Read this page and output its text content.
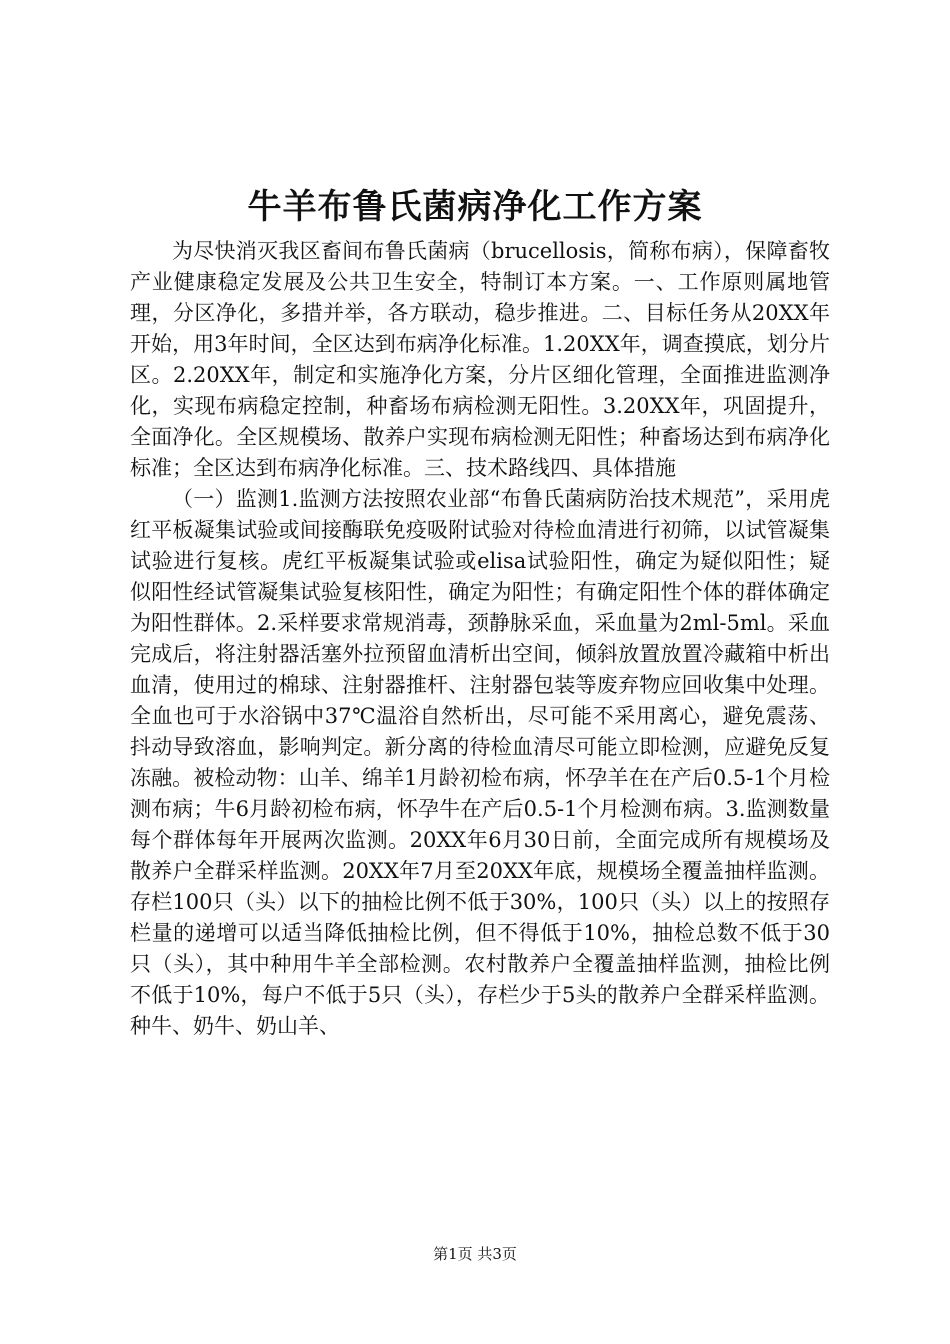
牛羊布鲁氏菌病净化工作方案

为尽快消灭我区畜间布鲁氏菌病（brucellosis，简称布病），保障畜牧产业健康稳定发展及公共卫生安全，特制订本方案。一、工作原则属地管理，分区净化，多措并举，各方联动，稳步推进。二、目标任务从20XX年开始，用3年时间，全区达到布病净化标准。1.20XX年，调查摸底，划分片区。2.20XX年，制定和实施净化方案，分片区细化管理，全面推进监测净化，实现布病稳定控制，种畜场布病检测无阳性。3.20XX年，巩固提升，全面净化。全区规模场、散养户实现布病检测无阳性；种畜场达到布病净化标准；全区达到布病净化标准。三、技术路线四、具体措施

（一）监测1.监测方法按照农业部“布鲁氏菌病防治技术规范”，采用虎红平板凝集试验或间接酶联免疫吸附试验对待检血清进行初筛，以试管凝集试验进行复核。虎红平板凝集试验或elisa试验阳性，确定为疑似阳性；疑似阳性经试管凝集试验复核阳性，确定为阳性；有确定阳性个体的群体确定为阳性群体。2.采样要求常规消毒，颈静脉采血，采血量为2ml-5ml。采血完成后，将注射器活塞外拉预留血清析出空间，倾斜放置放置冷藏箱中析出血清，使用过的棉球、注射器推杆、注射器包装等废弃物应回收集中处理。全血也可于水浴锅中37℃温浴自然析出，尽可能不采用离心，避免震荡、抖动导致溶血，影响判定。新分离的待检血清尽可能立即检测，应避免反复冻融。被检动物：山羊、绵羊1月龄初检布病，怀孕羊在在产后0.5-1个月检测布病；牛6月龄初检布病，怀孕牛在产后0.5-1个月检测布病。3.监测数量每个群体每年开展两次监测。20XX年6月30日前，全面完成所有规模场及散养户全群采样监测。20XX年7月至20XX年底，规模场全覆盖抽样监测。存栏100只（头）以下的抽检比例不低于30%，100只（头）以上的按照存栏量的递增可以适当降低抽检比例，但不得低于10%，抽检总数不低于30只（头），其中种用牛羊全部检测。农村散养户全覆盖抽样监测，抽检比例不低于10%，每户不低于5只（头），存栏少于5头的散养户全群采样监测。种牛、奶牛、奶山羊、

第1页 共3页
